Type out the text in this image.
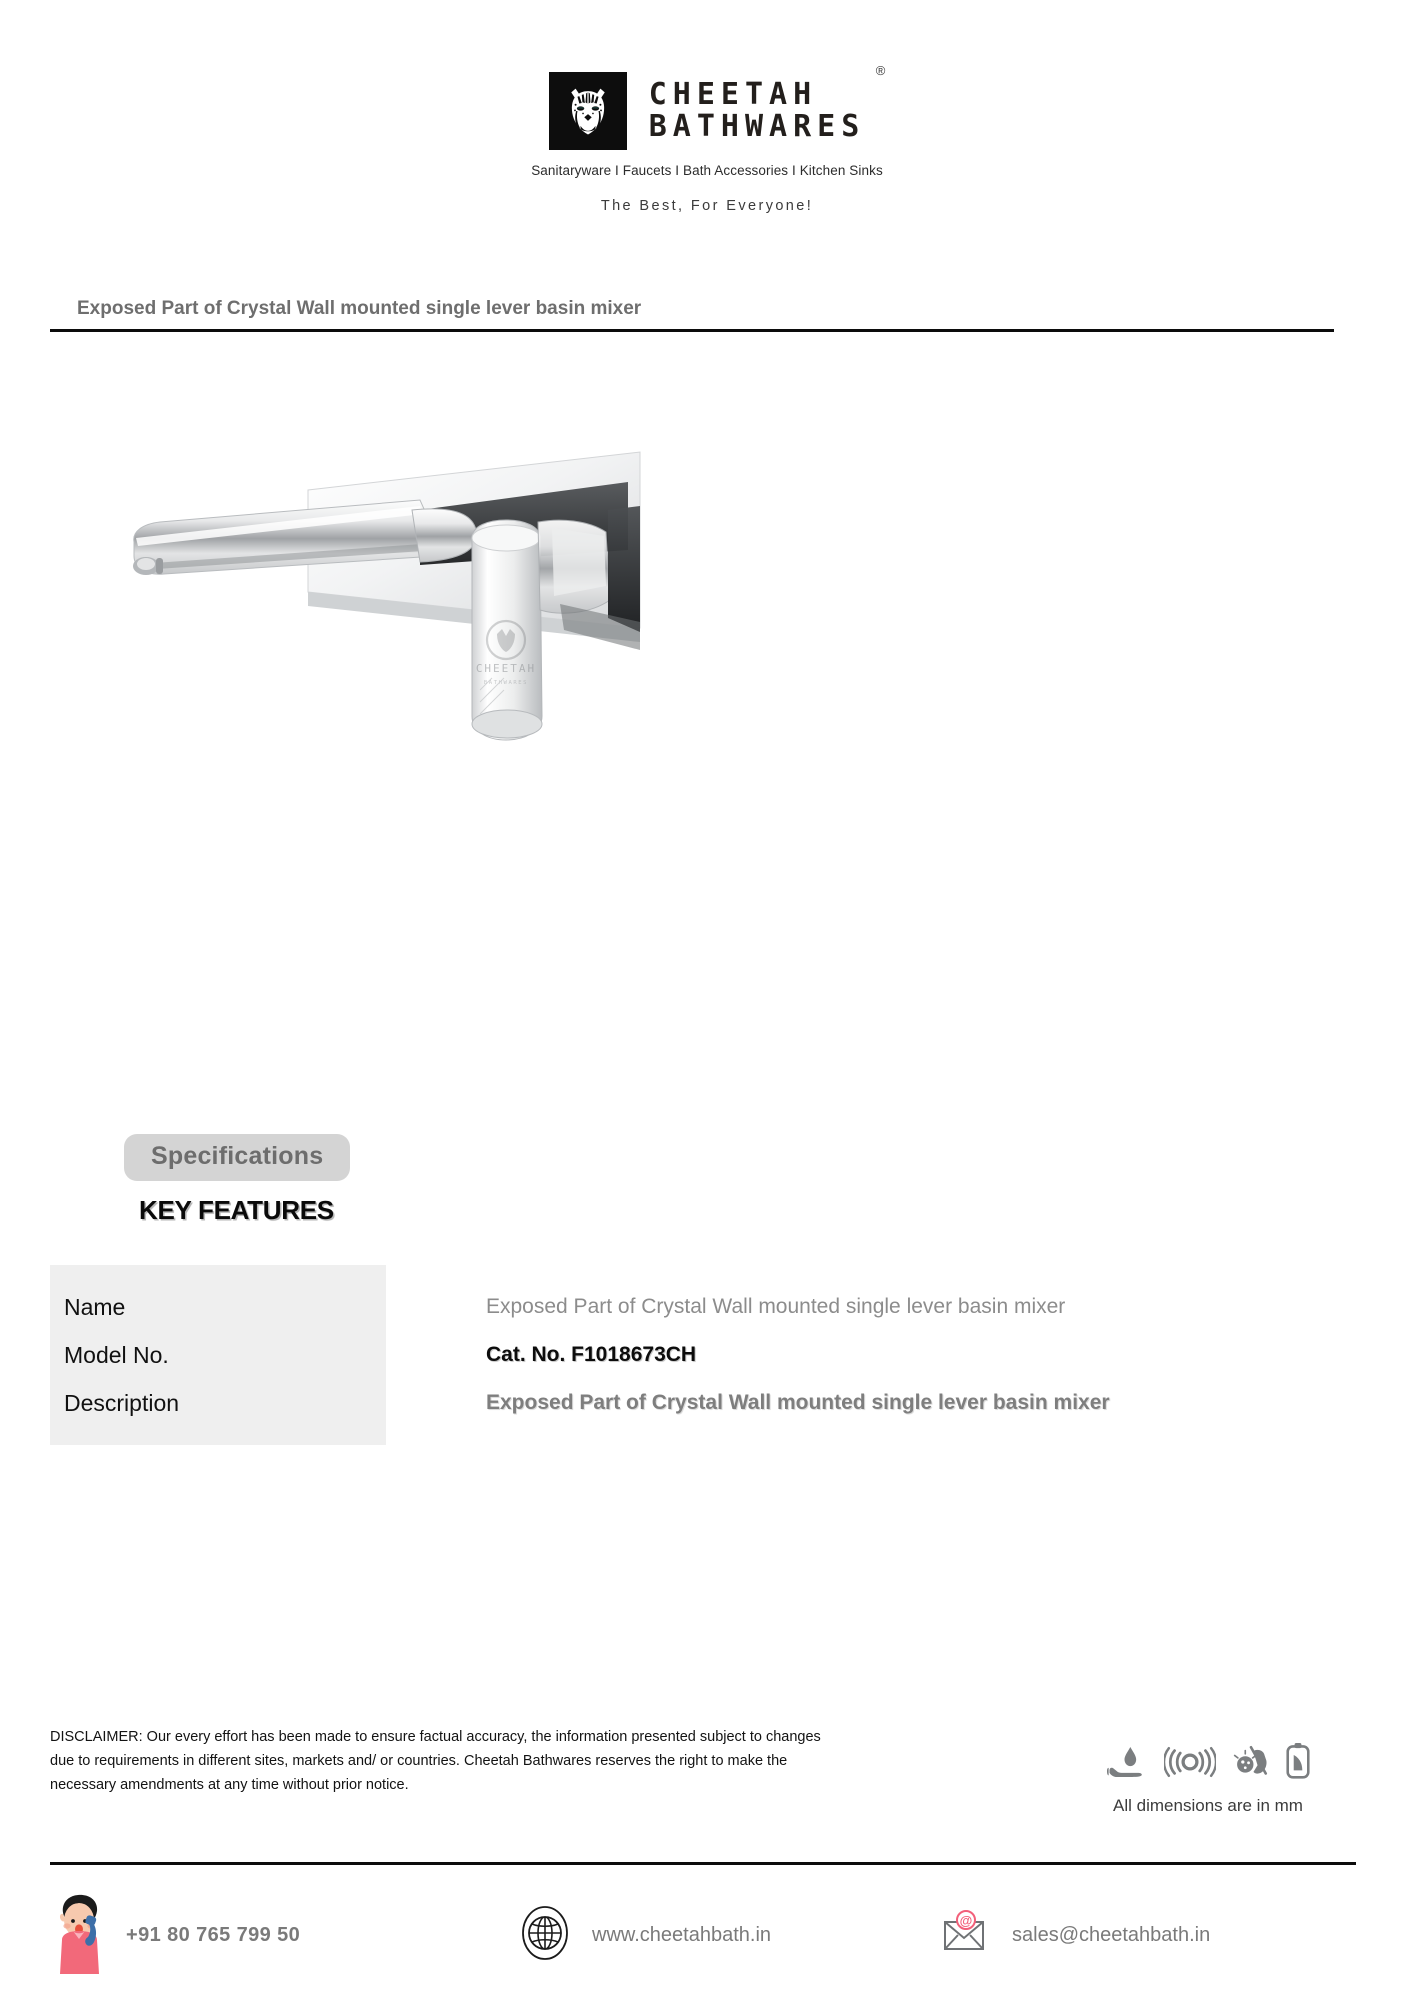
CHEETAH
BATHWARES
®
Sanitaryware I Faucets I Bath Accessories I Kitchen Sinks
The Best, For Everyone!
Exposed Part of Crystal Wall mounted single lever basin mixer
CHEETAH
BATHWARES
Specifications
KEY FEATURES
Name
Model No.
Description
Exposed Part of Crystal Wall mounted single lever basin mixer
Cat. No. F1018673CH
Exposed Part of Crystal Wall mounted single lever basin mixer
DISCLAIMER: Our every effort has been made to ensure factual accuracy, the information presented subject to changes due to requirements in different sites, markets and/ or countries. Cheetah Bathwares reserves the right to make the necessary amendments at any time without prior notice.
All dimensions are in mm
+91 80 765 799 50	www.cheetahbath.in
@
sales@cheetahbath.in
